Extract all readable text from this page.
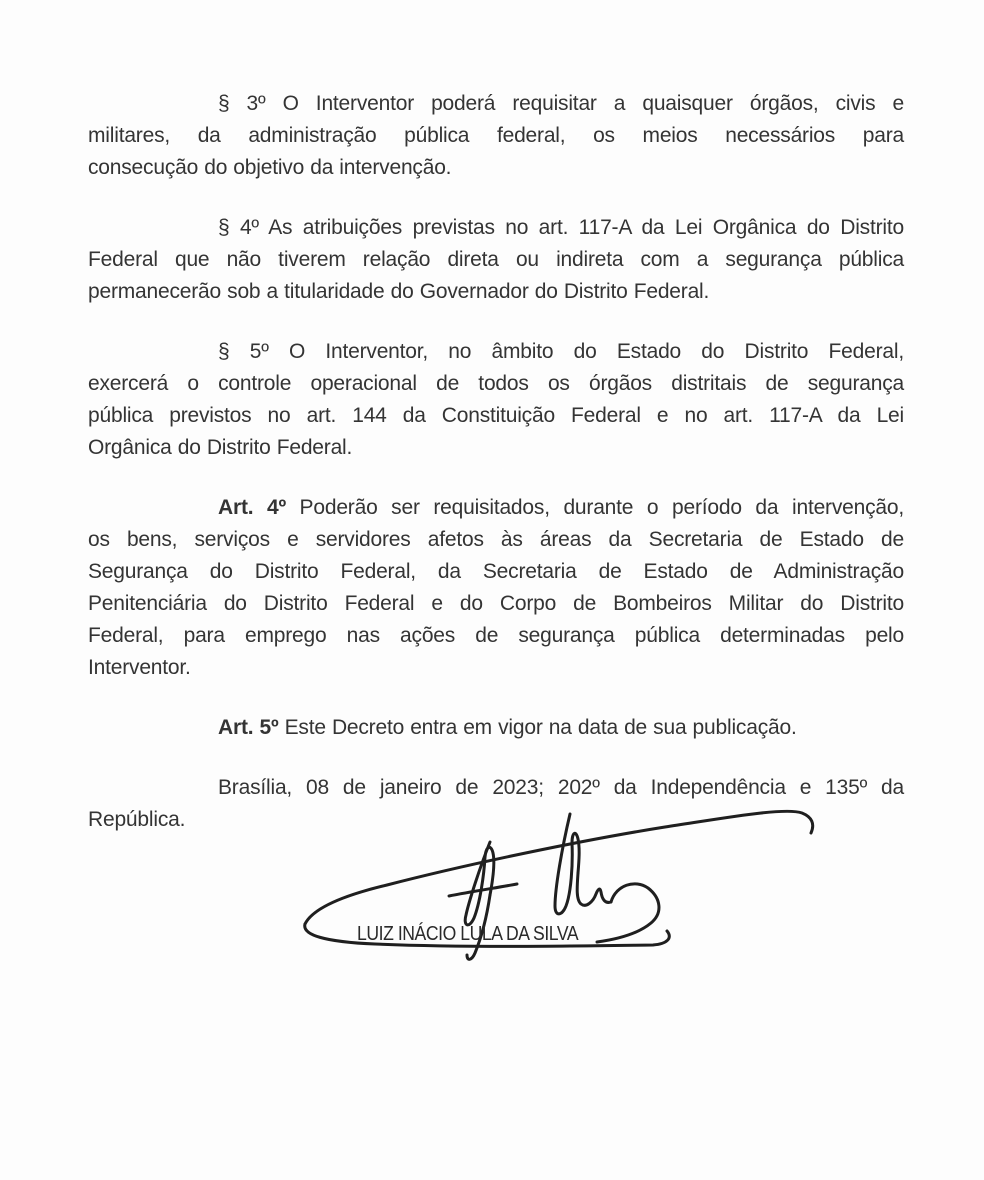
§ 3º O Interventor poderá requisitar a quaisquer órgãos, civis e
militares, da administração pública federal, os meios necessários para
consecução do objetivo da intervenção.
§ 4º As atribuições previstas no art. 117-A da Lei Orgânica do Distrito
Federal que não tiverem relação direta ou indireta com a segurança pública
permanecerão sob a titularidade do Governador do Distrito Federal.
§ 5º O Interventor, no âmbito do Estado do Distrito Federal,
exercerá o controle operacional de todos os órgãos distritais de segurança
pública previstos no art. 144 da Constituição Federal e no art. 117-A da Lei
Orgânica do Distrito Federal.
Art. 4º Poderão ser requisitados, durante o período da intervenção,
os bens, serviços e servidores afetos às áreas da Secretaria de Estado de
Segurança do Distrito Federal, da Secretaria de Estado de Administração
Penitenciária do Distrito Federal e do Corpo de Bombeiros Militar do Distrito
Federal, para emprego nas ações de segurança pública determinadas pelo
Interventor.
Art. 5º Este Decreto entra em vigor na data de sua publicação.
Brasília, 08 de janeiro de 2023; 202º da Independência e 135º da
República.
LUIZ INÁCIO LULA DA SILVA
